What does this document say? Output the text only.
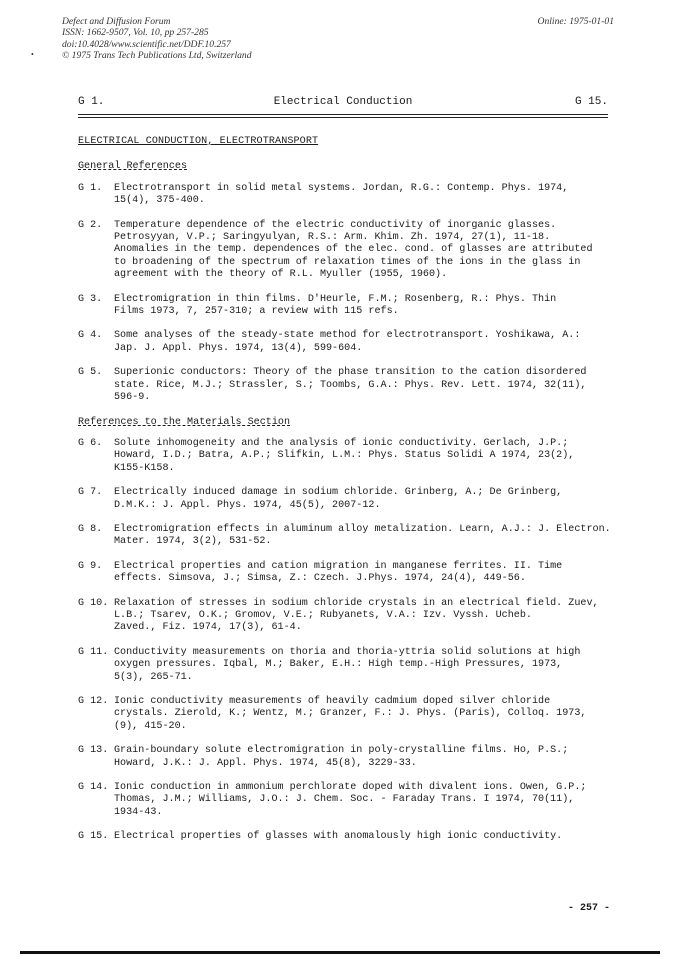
Defect and Diffusion Forum
ISSN: 1662-9507, Vol. 10, pp 257-285
doi:10.4028/www.scientific.net/DDF.10.257
© 1975 Trans Tech Publications Ltd, Switzerland
•
Online: 1975-01-01
G 1.	Electrical Conduction	G 15.
ELECTRICAL CONDUCTION, ELECTROTRANSPORT
General References
G 1.	Electrotransport in solid metal systems. Jordan, R.G.: Contemp. Phys. 1974,
15(4), 375-400.
G 2.	Temperature dependence of the electric conductivity of inorganic glasses.
Petrosyyan, V.P.; Saringyulyan, R.S.: Arm. Khim. Zh. 1974, 27(1), 11-18.
Anomalies in the temp. dependences of the elec. cond. of glasses are attributed
to broadening of the spectrum of relaxation times of the ions in the glass in
agreement with the theory of R.L. Myuller (1955, 1960).
G 3.	Electromigration in thin films. D'Heurle, F.M.; Rosenberg, R.: Phys. Thin
Films 1973, 7, 257-310; a review with 115 refs.
G 4.	Some analyses of the steady-state method for electrotransport. Yoshikawa, A.:
Jap. J. Appl. Phys. 1974, 13(4), 599-604.
G 5.	Superionic conductors: Theory of the phase transition to the cation disordered
state. Rice, M.J.; Strassler, S.; Toombs, G.A.: Phys. Rev. Lett. 1974, 32(11),
596-9.
References to the Materials Section
G 6.	Solute inhomogeneity and the analysis of ionic conductivity. Gerlach, J.P.;
Howard, I.D.; Batra, A.P.; Slifkin, L.M.: Phys. Status Solidi A 1974, 23(2),
K155-K158.
G 7.	Electrically induced damage in sodium chloride. Grinberg, A.; De Grinberg,
D.M.K.: J. Appl. Phys. 1974, 45(5), 2007-12.
G 8.	Electromigration effects in aluminum alloy metalization. Learn, A.J.: J. Electron.
Mater. 1974, 3(2), 531-52.
G 9.	Electrical properties and cation migration in manganese ferrites. II. Time
effects. Simsova, J.; Simsa, Z.: Czech. J.Phys. 1974, 24(4), 449-56.
G 10. Relaxation of stresses in sodium chloride crystals in an electrical field. Zuev,
L.B.; Tsarev, O.K.; Gromov, V.E.; Rubyanets, V.A.: Izv. Vyssh. Ucheb.
Zaved., Fiz. 1974, 17(3), 61-4.
G 11. Conductivity measurements on thoria and thoria-yttria solid solutions at high
oxygen pressures. Iqbal, M.; Baker, E.H.: High temp.-High Pressures, 1973,
5(3), 265-71.
G 12. Ionic conductivity measurements of heavily cadmium doped silver chloride
crystals. Zierold, K.; Wentz, M.; Granzer, F.: J. Phys. (Paris), Colloq. 1973,
(9), 415-20.
G 13. Grain-boundary solute electromigration in poly-crystalline films. Ho, P.S.;
Howard, J.K.: J. Appl. Phys. 1974, 45(8), 3229-33.
G 14. Ionic conduction in ammonium perchlorate doped with divalent ions. Owen, G.P.;
Thomas, J.M.; Williams, J.O.: J. Chem. Soc. - Faraday Trans. I 1974, 70(11),
1934-43.
G 15. Electrical properties of glasses with anomalously high ionic conductivity.
- 257 -
